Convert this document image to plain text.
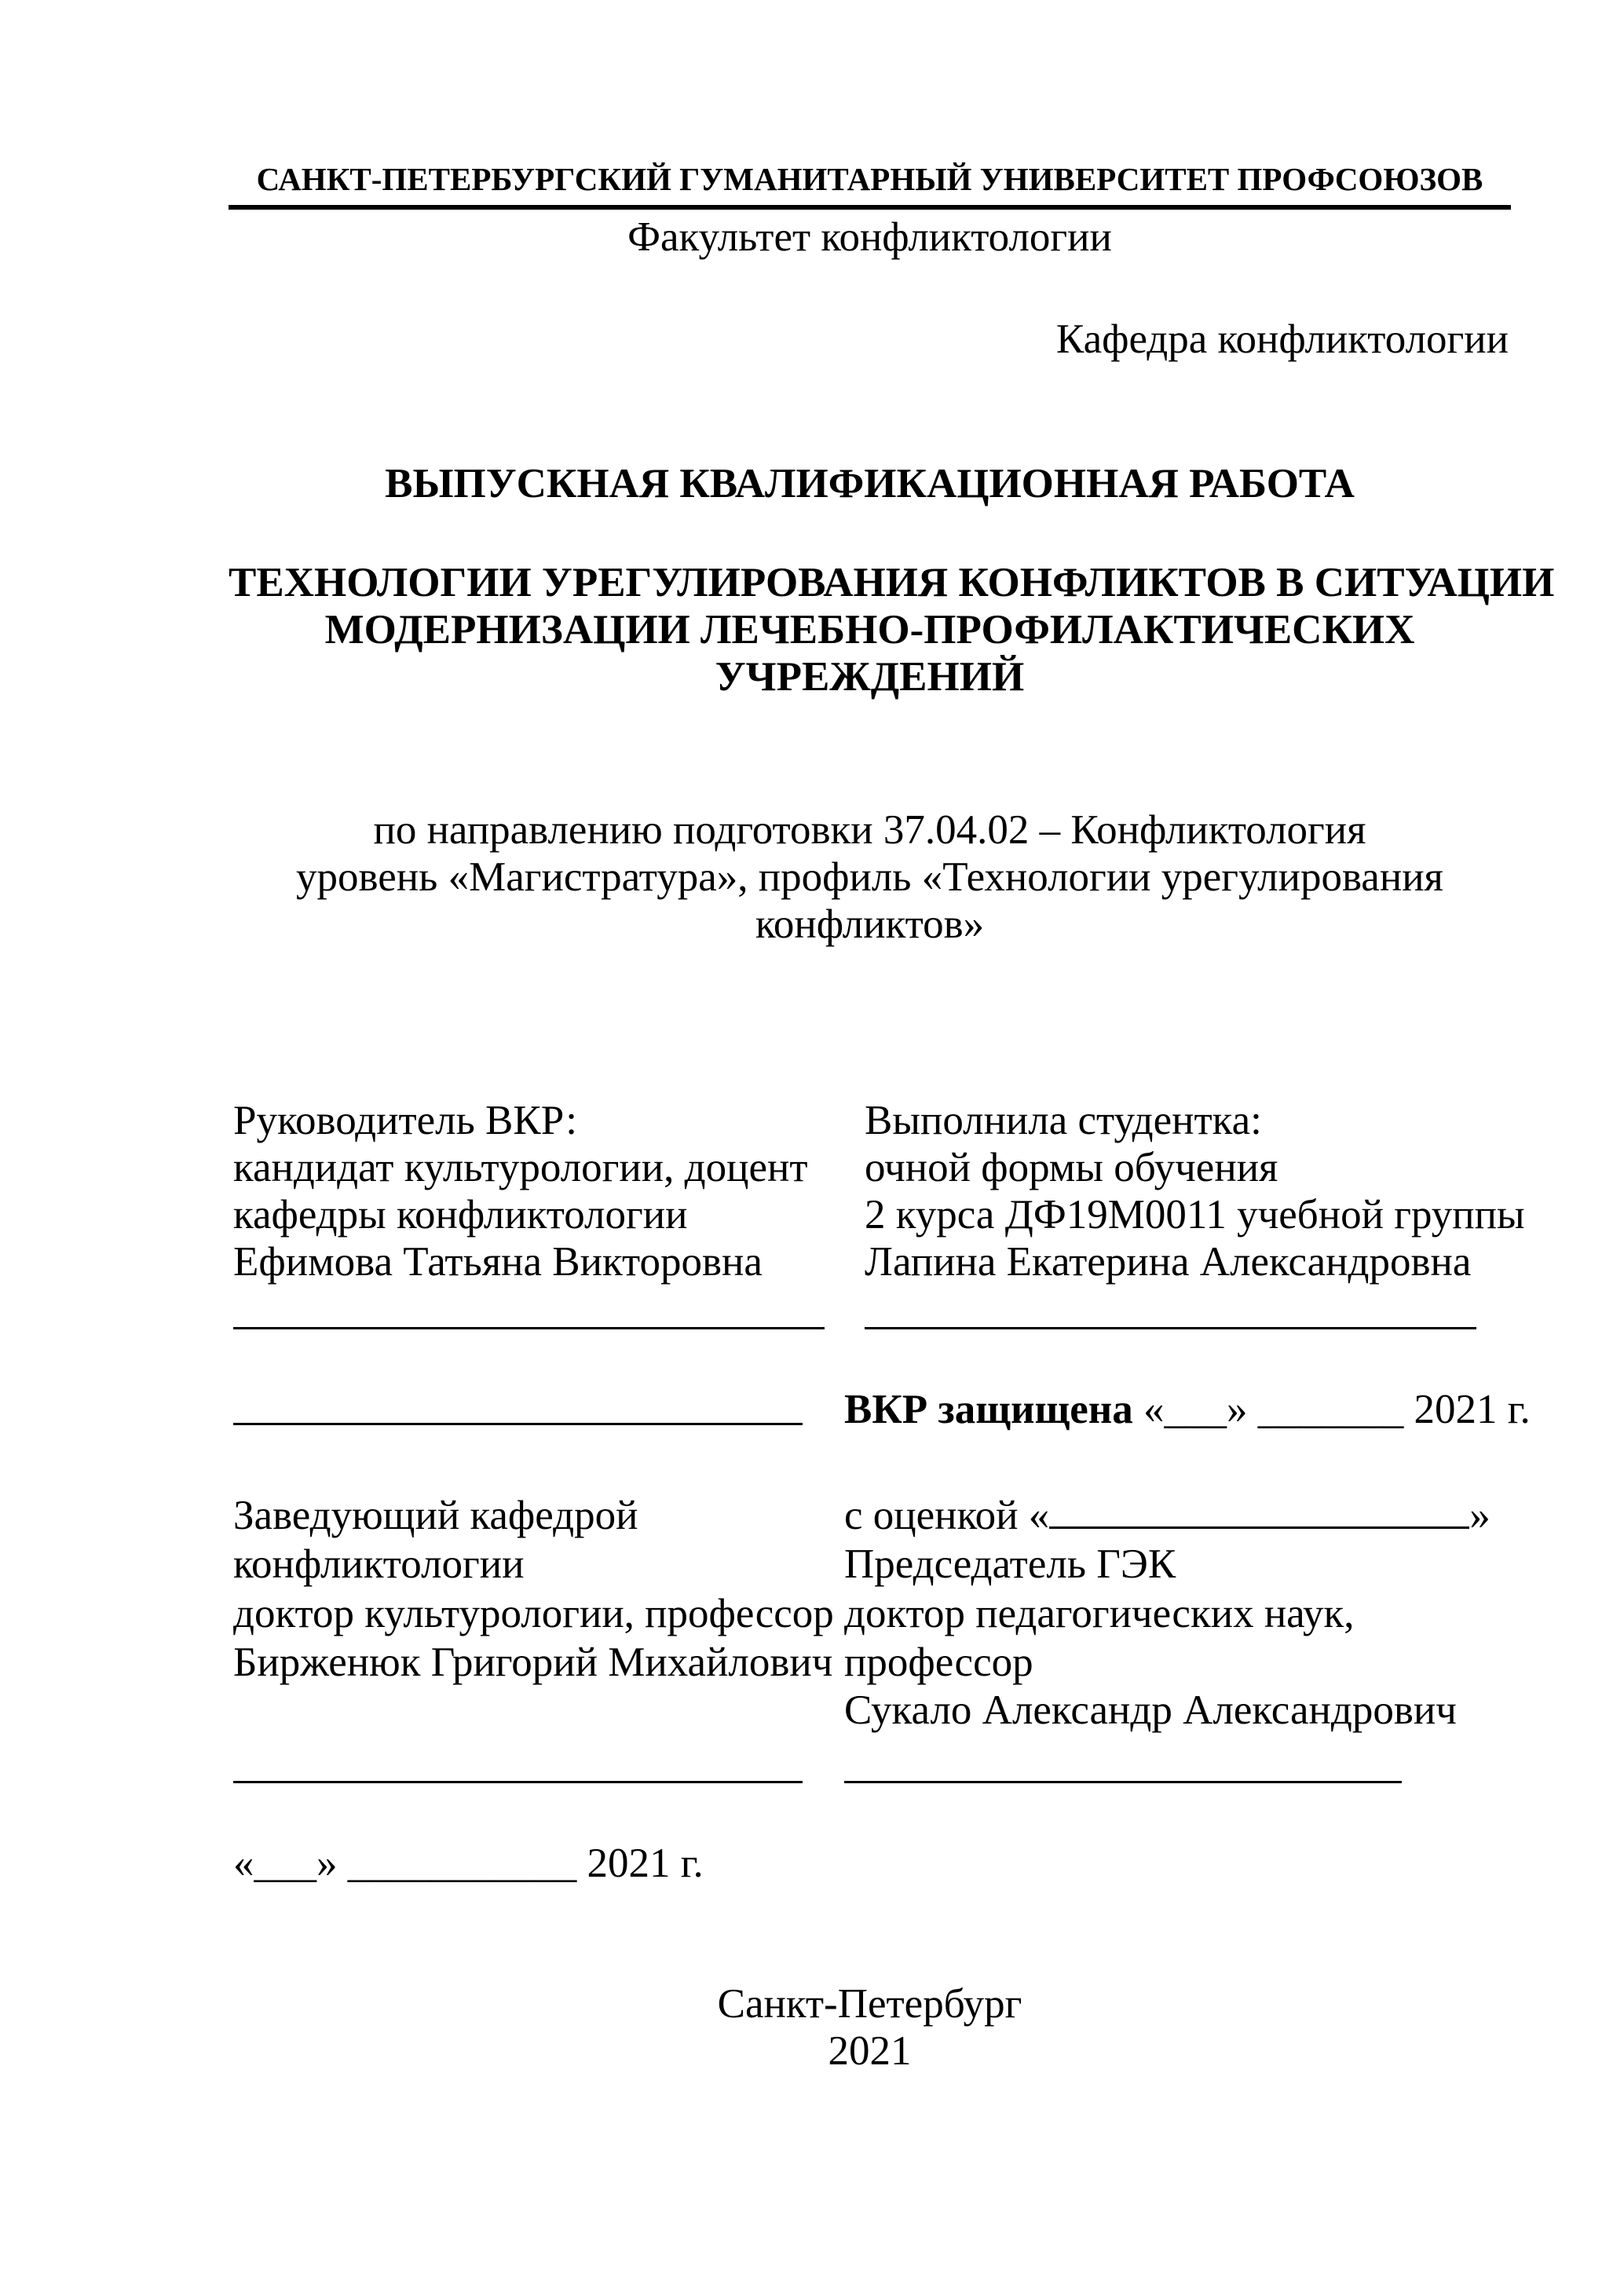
САНКТ-ПЕТЕРБУРГСКИЙ ГУМАНИТАРНЫЙ УНИВЕРСИТЕТ ПРОФСОЮЗОВ
Факультет конфликтологии
Кафедра конфликтологии
ВЫПУСКНАЯ КВАЛИФИКАЦИОННАЯ РАБОТА
ТЕХНОЛОГИИ УРЕГУЛИРОВАНИЯ КОНФЛИКТОВ В СИТУАЦИИ
МОДЕРНИЗАЦИИ ЛЕЧЕБНО-ПРОФИЛАКТИЧЕСКИХ
УЧРЕЖДЕНИЙ
по направлению подготовки 37.04.02 – Конфликтология
уровень «Магистратура», профиль «Технологии урегулирования
конфликтов»
Руководитель ВКР:
кандидат культурологии, доцент
кафедры конфликтологии
Ефимова Татьяна Викторовна
Выполнила студентка:
очной формы обучения
2 курса ДФ19М0011 учебной группы
Лапина Екатерина Александровна
ВКР защищена «___» _______ 2021 г.
Заведующий кафедрой
конфликтологии
доктор культурологии, профессор
Бирженюк Григорий Михайлович
с оценкой «	»
Председатель ГЭК
доктор педагогических наук,
профессор
Сукало Александр Александрович
«___» ___________ 2021 г.
Санкт-Петербург
2021
